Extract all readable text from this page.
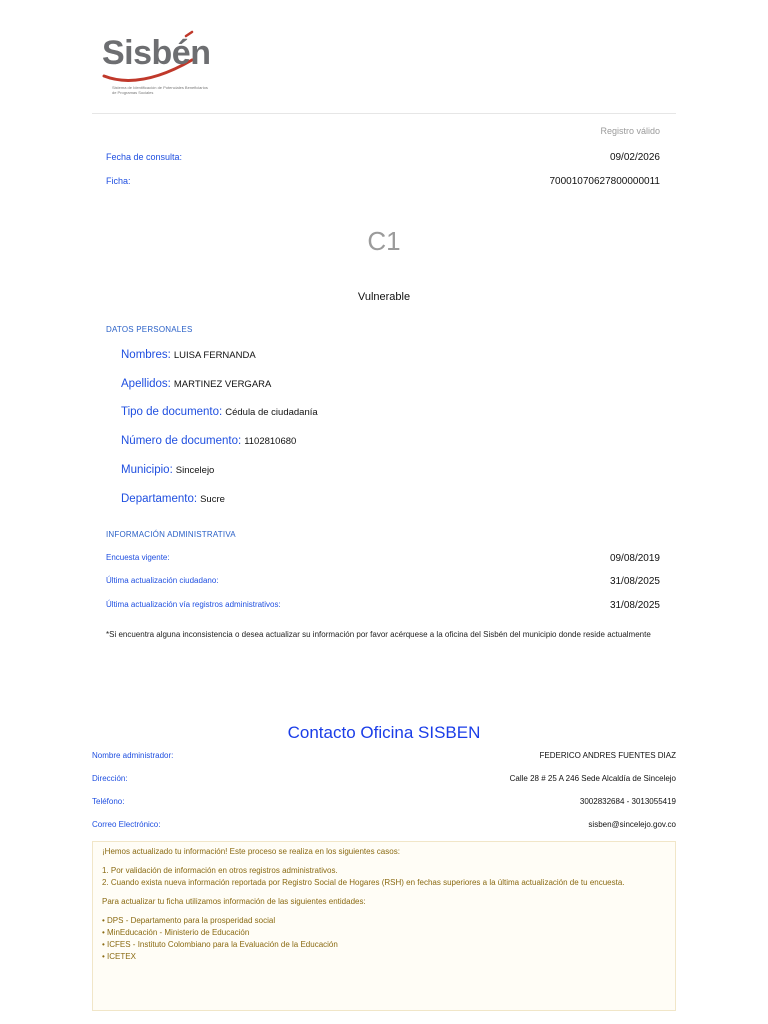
Sisbén
Sistema de Identificación de Potenciales Beneficiarios de Programas Sociales
Registro válido
Fecha de consulta:	09/02/2026
Ficha:	70001070627800000011
C1
Vulnerable
DATOS PERSONALES
Nombres: LUISA FERNANDA
Apellidos: MARTINEZ VERGARA
Tipo de documento: Cédula de ciudadanía
Número de documento: 1102810680
Municipio: Sincelejo
Departamento: Sucre
INFORMACIÓN ADMINISTRATIVA
Encuesta vigente:	09/08/2019
Última actualización ciudadano:	31/08/2025
Última actualización vía registros administrativos:	31/08/2025
*Si encuentra alguna inconsistencia o desea actualizar su información por favor acérquese a la oficina del Sisbén del municipio donde reside actualmente
Contacto Oficina SISBEN
Nombre administrador:	FEDERICO ANDRES FUENTES DIAZ
Dirección:	Calle 28 # 25 A 246 Sede Alcaldía de Sincelejo
Teléfono:	3002832684 - 3013055419
Correo Electrónico:	sisben@sincelejo.gov.co

¡Hemos actualizado tu información! Este proceso se realiza en los siguientes casos:

1. Por validación de información en otros registros administrativos.

2. Cuando exista nueva información reportada por Registro Social de Hogares (RSH) en fechas superiores a la última actualización de tu encuesta.

Para actualizar tu ficha utilizamos información de las siguientes entidades:

• DPS - Departamento para la prosperidad social

• MinEducación - Ministerio de Educación

• ICFES - Instituto Colombiano para la Evaluación de la Educación

• ICETEX
